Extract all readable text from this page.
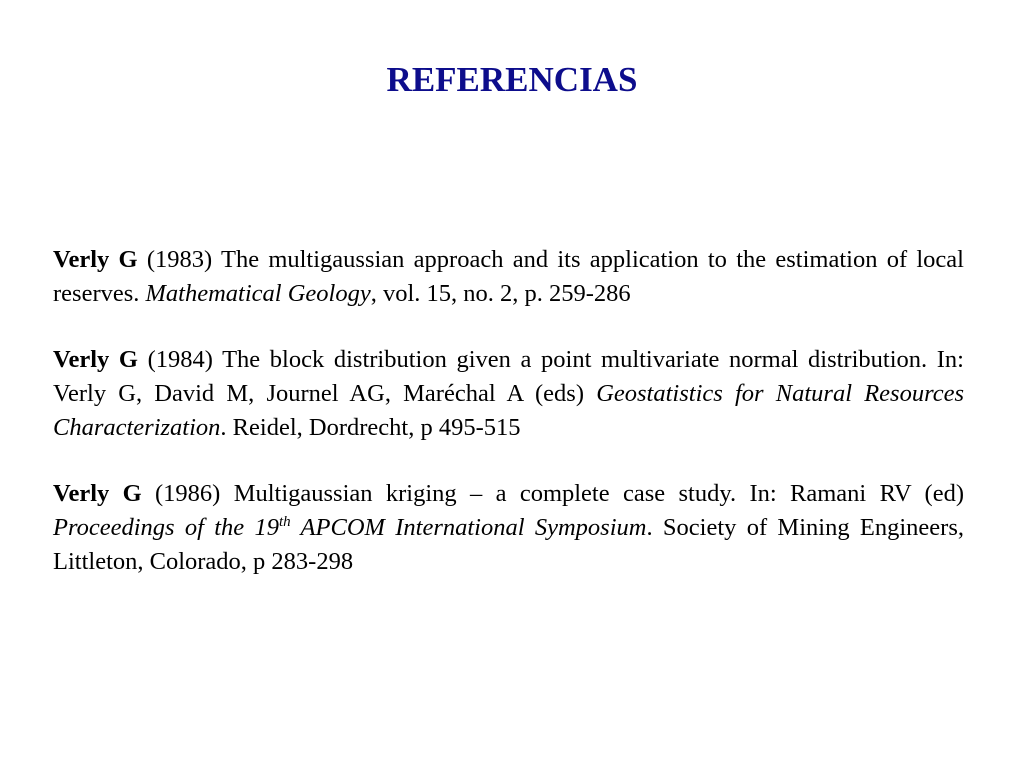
REFERENCIAS

Verly G (1983) The multigaussian approach and its application to the estimation of local reserves. Mathematical Geology, vol. 15, no. 2, p. 259-286

Verly G (1984) The block distribution given a point multivariate normal distribution. In: Verly G, David M, Journel AG, Maréchal A (eds) Geostatistics for Natural Resources Characterization. Reidel, Dordrecht, p 495-515

Verly G (1986) Multigaussian kriging – a complete case study. In: Ramani RV (ed) Proceedings of the 19th APCOM International Symposium. Society of Mining Engineers, Littleton, Colorado, p 283-298
